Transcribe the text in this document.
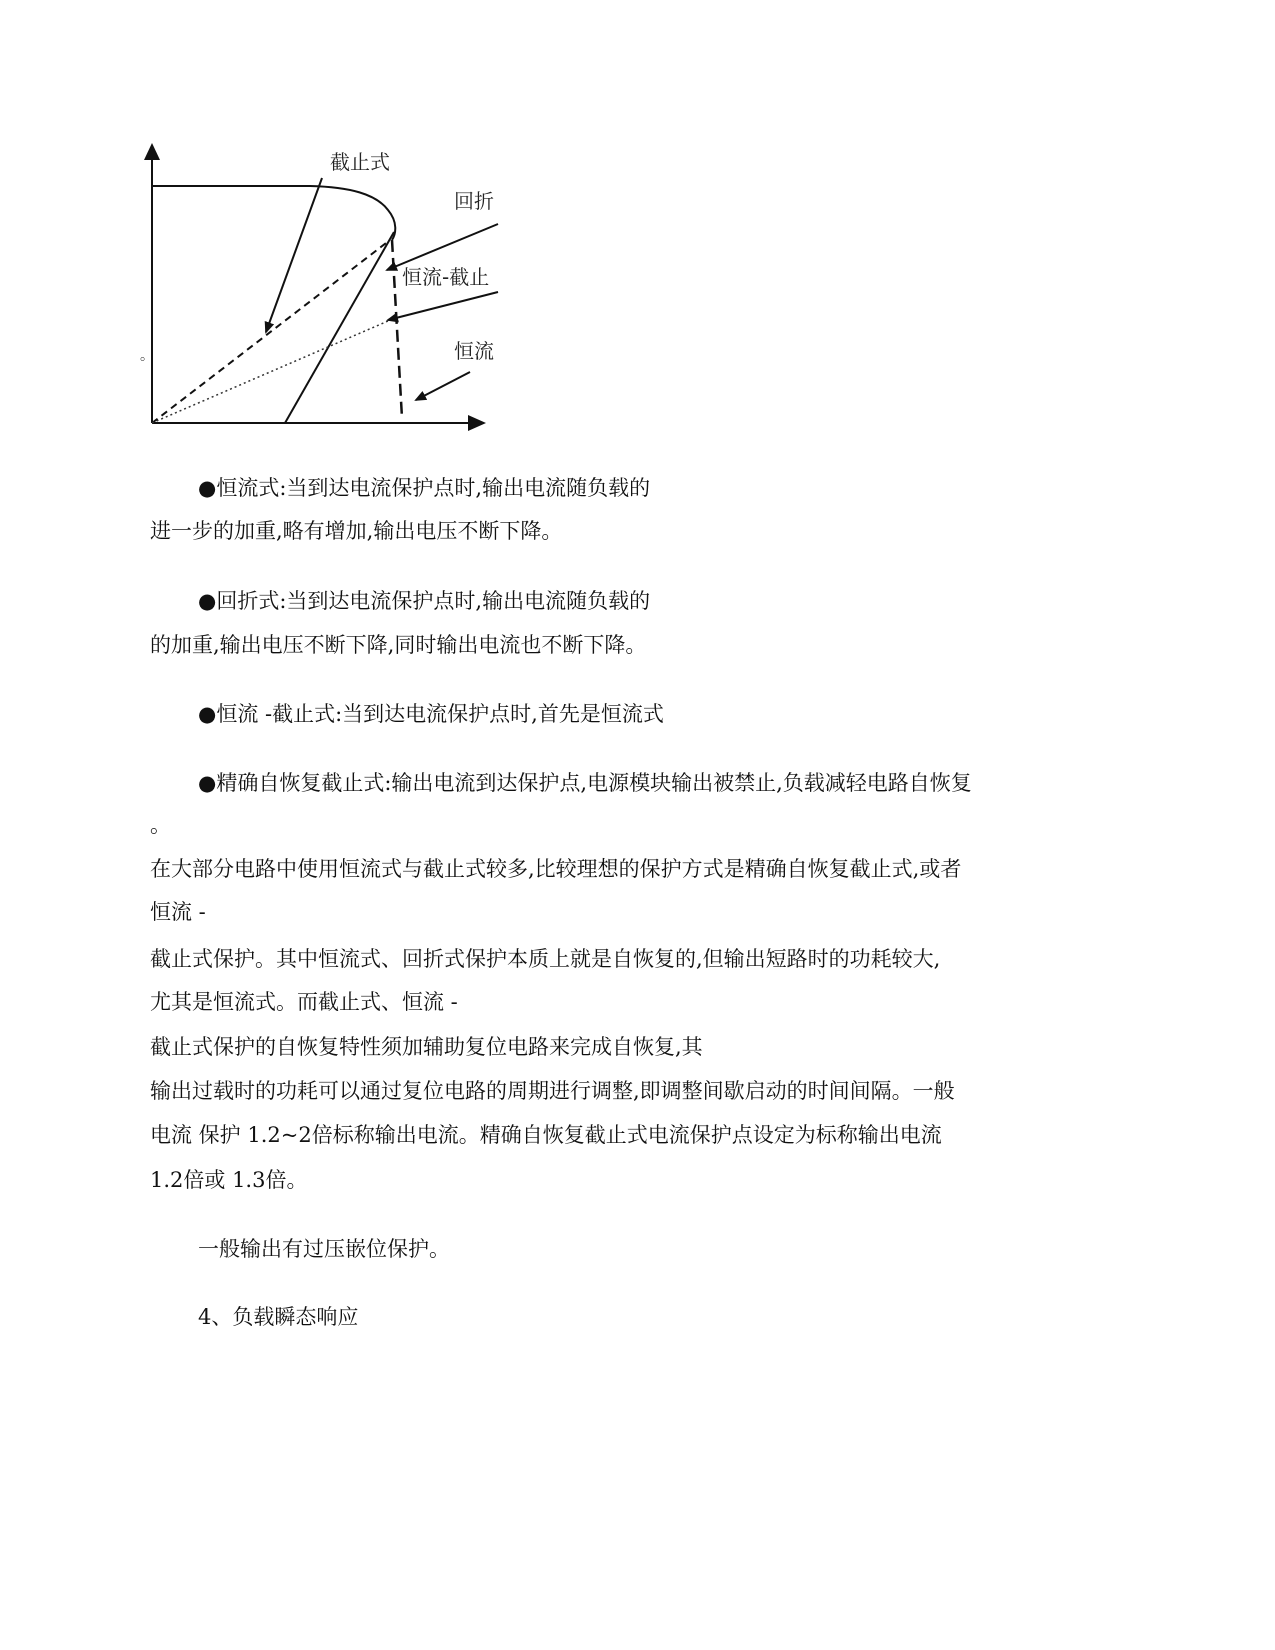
截止式
回折
恒流-截止
恒流
。
●恒流式:当到达电流保护点时,输出电流随负载的
进一步的加重,略有增加,输出电压不断下降。
●回折式:当到达电流保护点时,输出电流随负载的
的加重,输出电压不断下降,同时输出电流也不断下降。
●恒流 -截止式:当到达电流保护点时,首先是恒流式
●精确自恢复截止式:输出电流到达保护点,电源模块输出被禁止,负载减轻电路自恢复
。
在大部分电路中使用恒流式与截止式较多,比较理想的保护方式是精确自恢复截止式,或者
恒流 -
截止式保护。其中恒流式、回折式保护本质上就是自恢复的,但输出短路时的功耗较大,
尤其是恒流式。而截止式、恒流 -
截止式保护的自恢复特性须加辅助复位电路来完成自恢复,其
输出过载时的功耗可以通过复位电路的周期进行调整,即调整间歇启动的时间间隔。一般
电流 保护 1.2~2倍标称输出电流。精确自恢复截止式电流保护点设定为标称输出电流
1.2倍或 1.3倍。
一般输出有过压嵌位保护。
4、负载瞬态响应
